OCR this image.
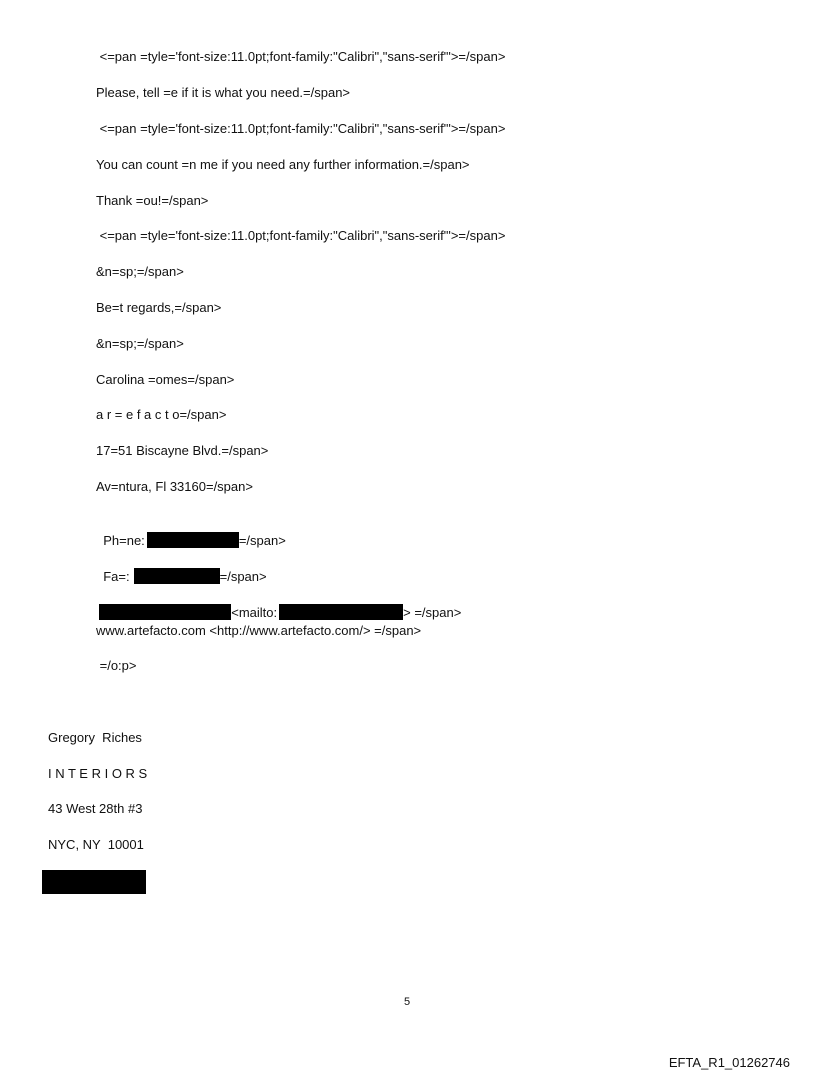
<=pan =tyle='font-size:11.0pt;font-family:"Calibri","sans-serif"'>=/span>
Please, tell =e if it is what you need.=/span>
<=pan =tyle='font-size:11.0pt;font-family:"Calibri","sans-serif"'>=/span>
You can count =n me if you need any further information.=/span>
Thank =ou!=/span>
<=pan =tyle='font-size:11.0pt;font-family:"Calibri","sans-serif"'>=/span>
&n=sp;=/span>
Be=t regards,=/span>
&n=sp;=/span>
Carolina =omes=/span>
a r = e f a c t o=/span>
17=51 Biscayne Blvd.=/span>
Av=ntura, Fl 33160=/span>

Ph=ne:	=/span>

Fa=:	=/span>

<mailto:	> =/span>

www.artefacto.com <http://www.artefacto.com/> =/span>
=/o:p>
Gregory  Riches
I N T E R I O R S
43 West 28th #3
NYC, NY  10001
5
EFTA_R1_01262746
